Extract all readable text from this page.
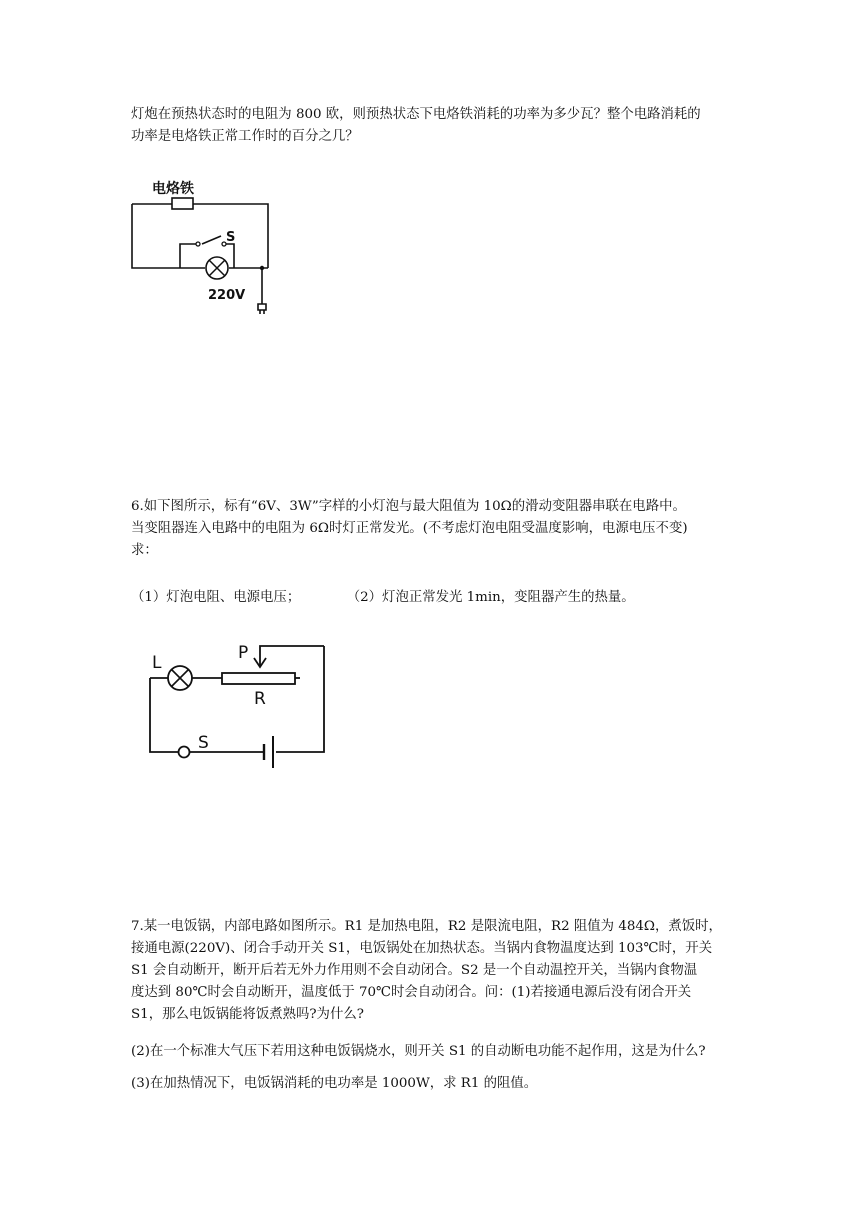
灯炮在预热状态时的电阻为 800 欧，则预热状态下电烙铁消耗的功率为多少瓦？整个电路消耗的
功率是电烙铁正常工作时的百分之几？
电烙铁
S
220V
6.如下图所示，标有“6V、3W”字样的小灯泡与最大阻值为 10Ω的滑动变阻器串联在电路中。
当变阻器连入电路中的电阻为 6Ω时灯正常发光。(不考虑灯泡电阻受温度影响，电源电压不变)
求：
（1）灯泡电阻、电源电压；	（2）灯泡正常发光 1min，变阻器产生的热量。
L	P
R
S
7.某一电饭锅，内部电路如图所示。R1 是加热电阻，R2 是限流电阻，R2 阻值为 484Ω，煮饭时，
接通电源(220V)、闭合手动开关 S1，电饭锅处在加热状态。当锅内食物温度达到 103℃时，开关
S1 会自动断开，断开后若无外力作用则不会自动闭合。S2 是一个自动温控开关，当锅内食物温
度达到 80℃时会自动断开，温度低于 70℃时会自动闭合。问：(1)若接通电源后没有闭合开关
S1，那么电饭锅能将饭煮熟吗?为什么?
(2)在一个标准大气压下若用这种电饭锅烧水，则开关 S1 的自动断电功能不起作用，这是为什么?
(3)在加热情况下，电饭锅消耗的电功率是 1000W，求 R1 的阻值。
